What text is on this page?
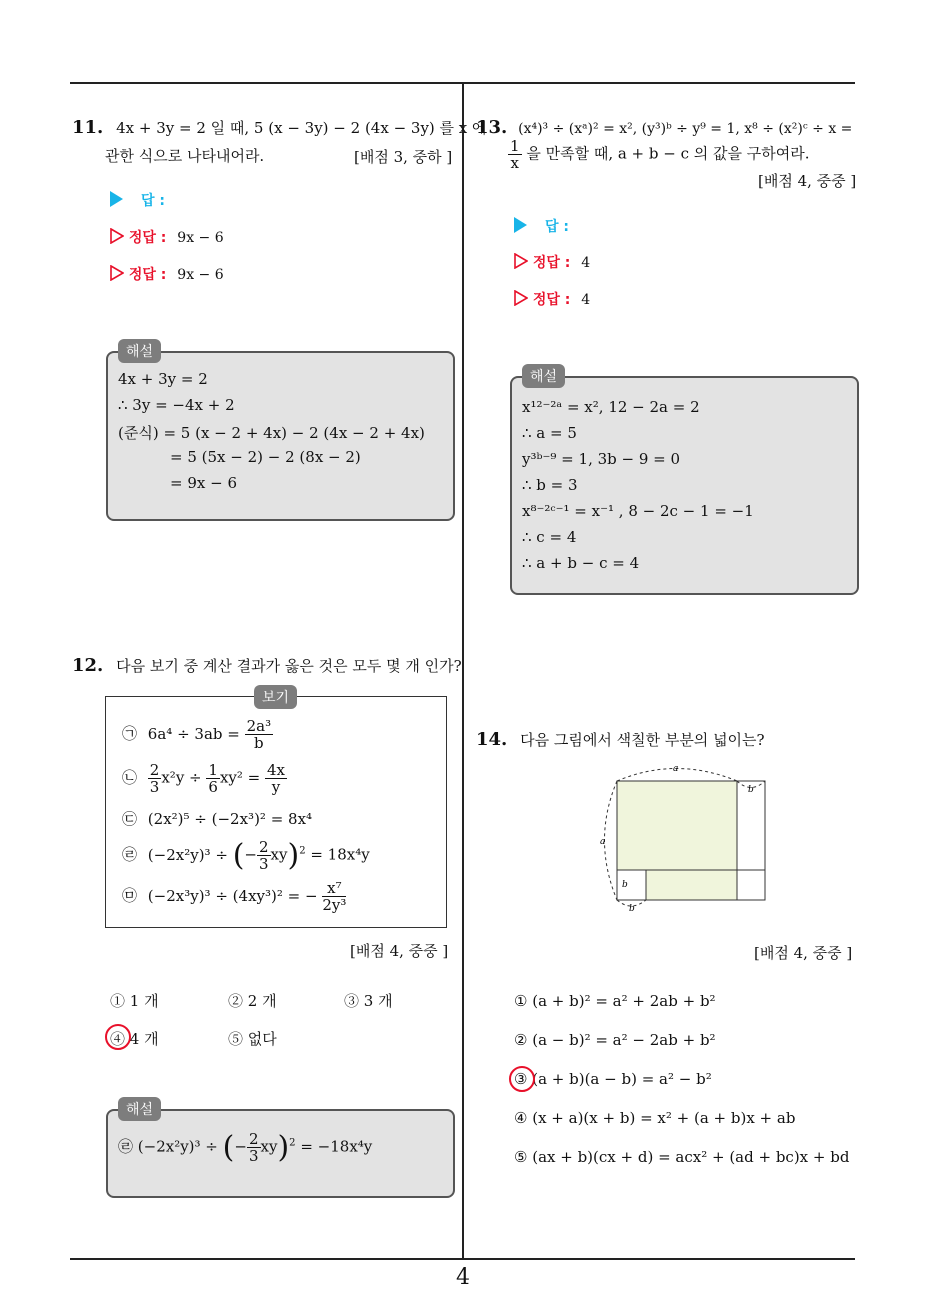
4
11. 4x + 3y = 2 일 때, 5 (x − 3y) − 2 (4x − 3y) 를 x 에
관한 식으로 나타내어라.	[배점 3, 중하 ]
답 :
정답 : 9x − 6
정답 : 9x − 6
해설
4x + 3y = 2
∴ 3y = −4x + 2
(준식) = 5 (x − 2 + 4x) − 2 (4x − 2 + 4x)
= 5 (5x − 2) − 2 (8x − 2)
= 9x − 6
12. 다음 보기 중 계산 결과가 옳은 것은 모두 몇 개 인가?
보기
㉠ $6a^4 \div 3ab = \frac{\text{2a³}}{b}$
㉡ $\frac{2}{3} x^2y \div \frac{1}{6} xy^2 = \frac{4x}{y}$
㉢ (2x²)⁵ ÷ (−2x³)² = 8x⁴
㉣ (−2x²y)³ ÷ (− $\frac{2}{3} xy)^2 = 18x^4y$
㉤ (−2x³y)³ ÷ (4xy³)² = − $\frac{\text{x⁷}}{\text{2y³}}$
[배점 4, 중중 ]
① 1 개	② 2 개	③ 3 개
④ 4 개	⑤ 없다
해설
㉣ (−2x²y)³ ÷ (− $\frac{2}{3} xy)^2 = -18x^4y$
13. (x⁴)³ ÷ (xᵃ)² = x², (y³)ᵇ ÷ y⁹ = 1, x⁸ ÷ (x²)ᶜ ÷ x =
$\frac{1}{x}$ 을 만족할 때, a + b − c 의 값을 구하여라.
[배점 4, 중중 ]
답 :
정답 : 4
정답 : 4
해설
x¹²⁻²ᵃ = x², 12 − 2a = 2
∴ a = 5
y³ᵇ⁻⁹ = 1, 3b − 9 = 0
∴ b = 3
x⁸⁻²ᶜ⁻¹ = x⁻¹ , 8 − 2c − 1 = −1
∴ c = 4
∴ a + b − c = 4
14. 다음 그림에서 색칠한 부분의 넓이는?
a
a
b
b
b
[배점 4, 중중 ]
① (a + b)² = a² + 2ab + b²
② (a − b)² = a² − 2ab + b²
③ (a + b)(a − b) = a² − b²
④ (x + a)(x + b) = x² + (a + b)x + ab
⑤ (ax + b)(cx + d) = acx² + (ad + bc)x + bd
